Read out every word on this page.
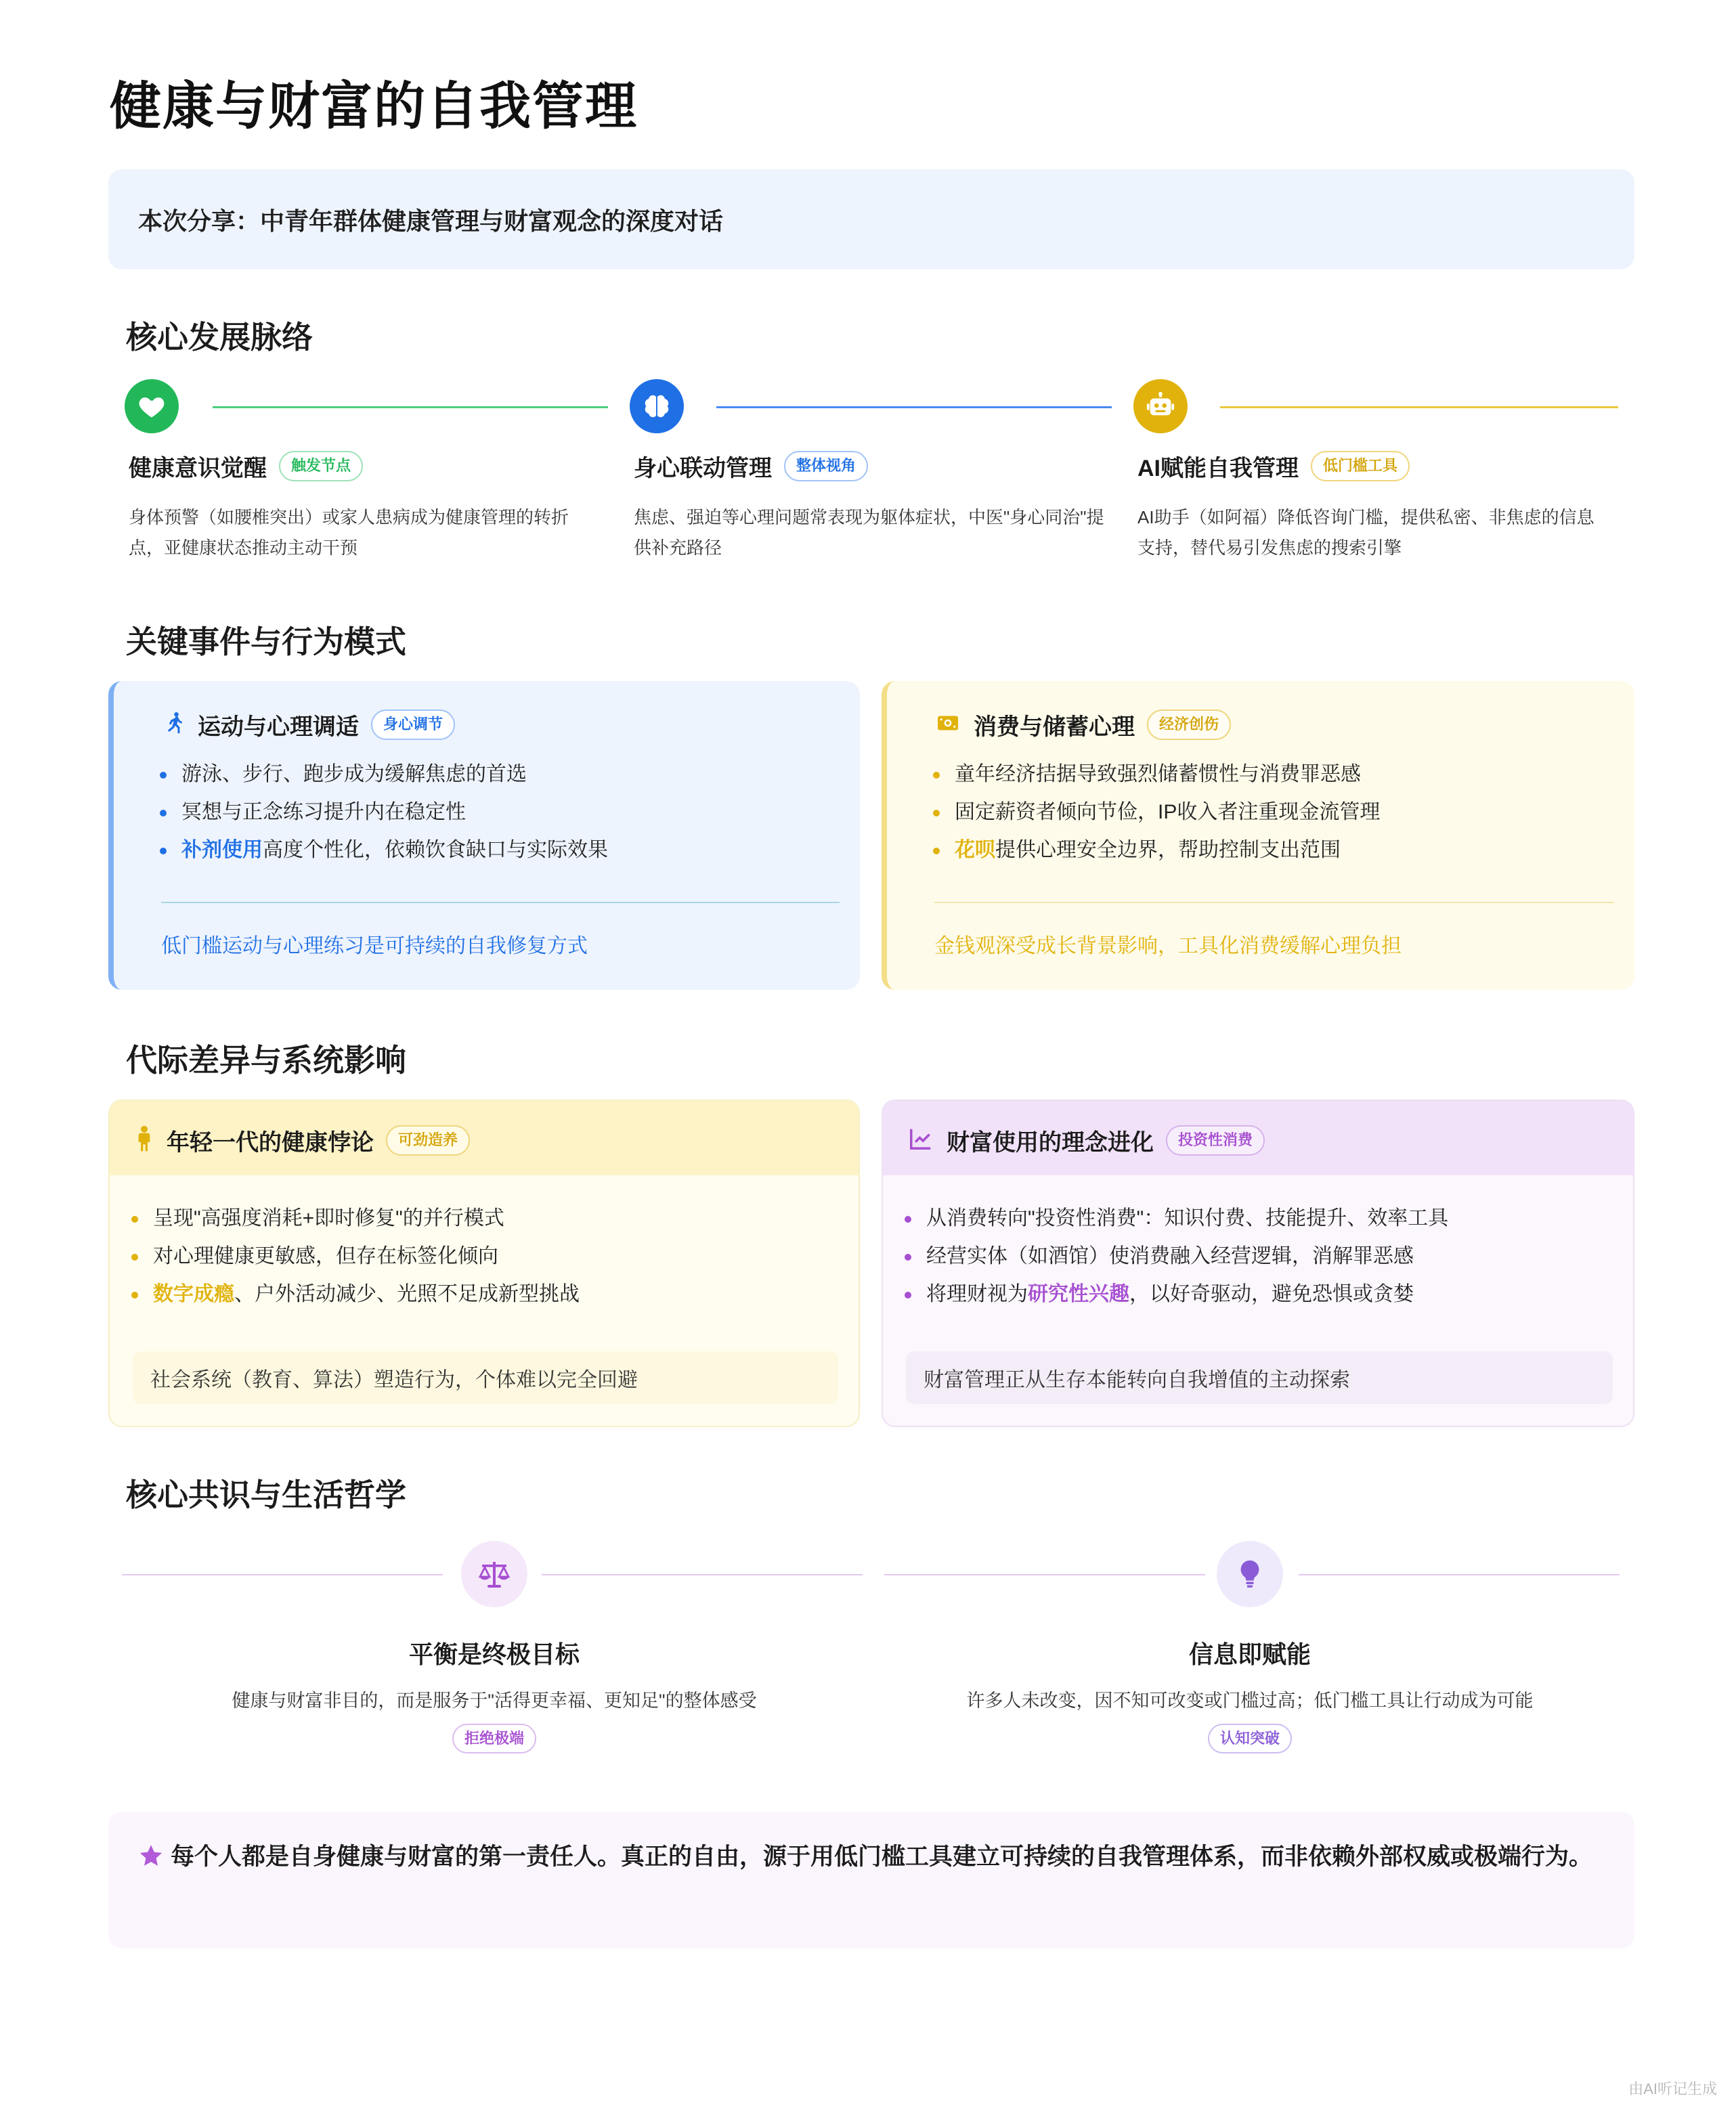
健康与财富的自我管理
本次分享：中青年群体健康管理与财富观念的深度对话
核心发展脉络
健康意识觉醒	触发节点
身体预警（如腰椎突出）或家人患病成为健康管理的转折点，亚健康状态推动主动干预
身心联动管理	整体视角
焦虑、强迫等心理问题常表现为躯体症状，中医"身心同治"提供补充路径
AI赋能自我管理	低门槛工具
AI助手（如阿福）降低咨询门槛，提供私密、非焦虑的信息支持，替代易引发焦虑的搜索引擎
关键事件与行为模式
运动与心理调适	身心调节
游泳、步行、跑步成为缓解焦虑的首选
冥想与正念练习提升内在稳定性
补剂使用高度个性化，依赖饮食缺口与实际效果
低门槛运动与心理练习是可持续的自我修复方式
消费与储蓄心理	经济创伤
童年经济拮据导致强烈储蓄惯性与消费罪恶感
固定薪资者倾向节俭，IP收入者注重现金流管理
花呗提供心理安全边界，帮助控制支出范围
金钱观深受成长背景影响，工具化消费缓解心理负担
代际差异与系统影响
年轻一代的健康悖论	可劲造养
呈现"高强度消耗+即时修复"的并行模式
对心理健康更敏感，但存在标签化倾向
数字成瘾、户外活动减少、光照不足成新型挑战
社会系统（教育、算法）塑造行为，个体难以完全回避
财富使用的理念进化	投资性消费
从消费转向"投资性消费"：知识付费、技能提升、效率工具
经营实体（如酒馆）使消费融入经营逻辑，消解罪恶感
将理财视为研究性兴趣，以好奇驱动，避免恐惧或贪婪
财富管理正从生存本能转向自我增值的主动探索
核心共识与生活哲学
平衡是终极目标
健康与财富非目的，而是服务于"活得更幸福、更知足"的整体感受
拒绝极端
信息即赋能
许多人未改变，因不知可改变或门槛过高；低门槛工具让行动成为可能
认知突破

每个人都是自身健康与财富的第一责任人。真正的自由，源于用低门槛工具建立可持续的自我管理体系，而非依赖外部权威或极端行为。

由AI听记生成
